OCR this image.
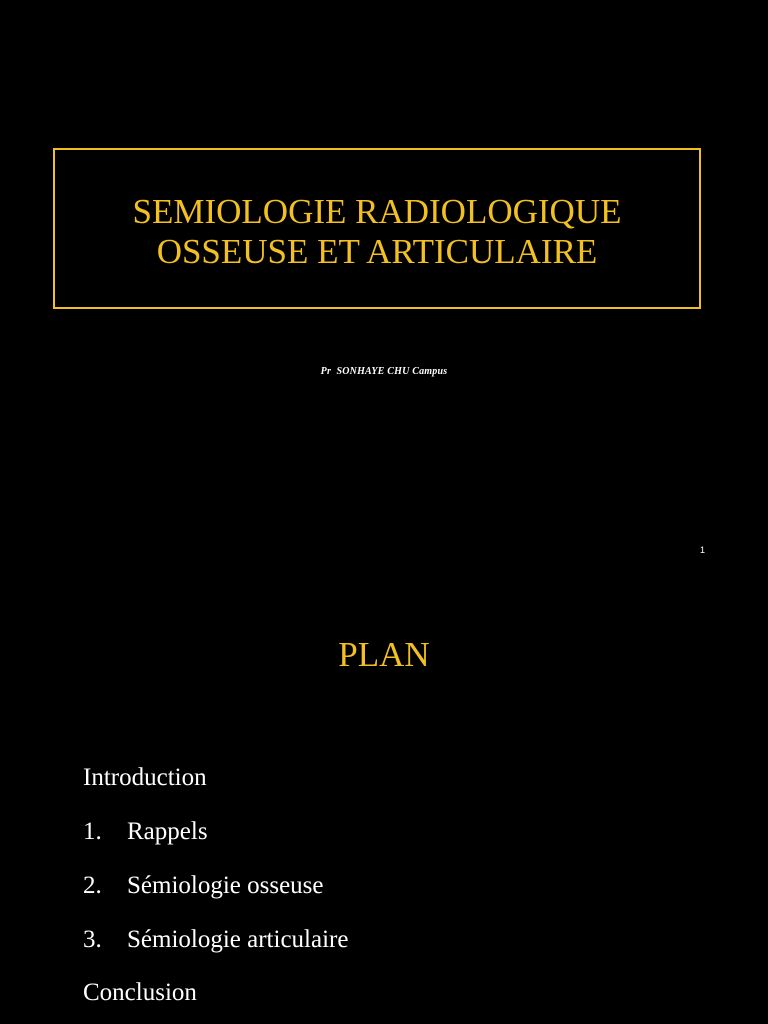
SEMIOLOGIE RADIOLOGIQUE
OSSEUSE ET ARTICULAIRE
Pr  SONHAYE CHU Campus
1
PLAN
Introduction
1. Rappels
2. Sémiologie osseuse
3. Sémiologie articulaire
Conclusion
